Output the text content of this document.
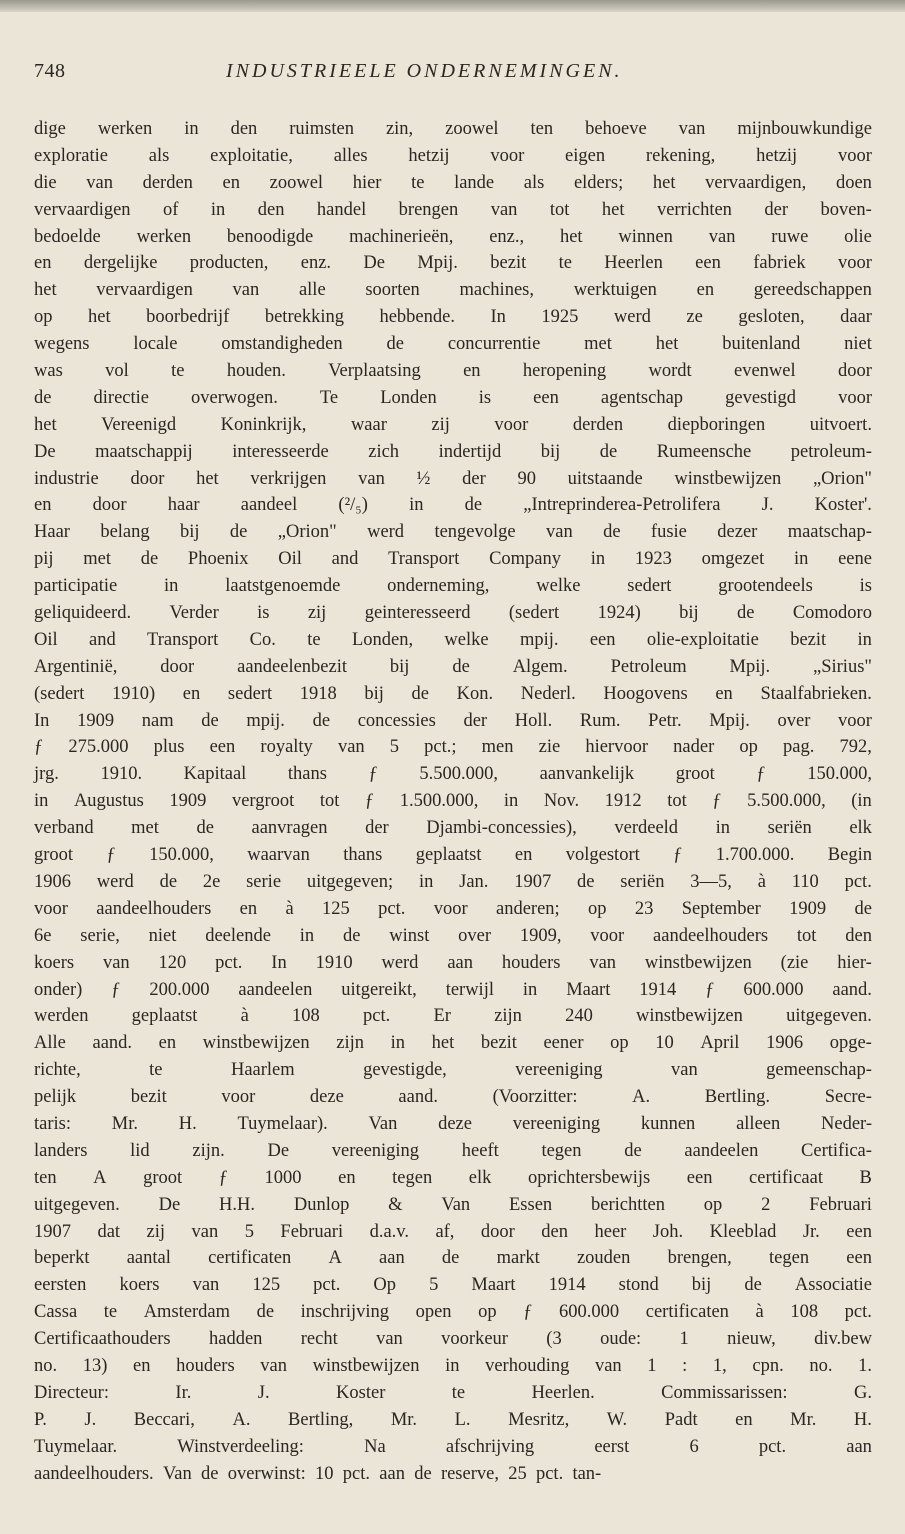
748	INDUSTRIEELE ONDERNEMINGEN.
dige werken in den ruimsten zin, zoowel ten behoeve van mijnbouwkundige
exploratie als exploitatie, alles hetzij voor eigen rekening, hetzij voor
die van derden en zoowel hier te lande als elders; het vervaardigen, doen
vervaardigen of in den handel brengen van tot het verrichten der boven-
bedoelde werken benoodigde machinerieën, enz., het winnen van ruwe olie
en dergelijke producten, enz. De Mpij. bezit te Heerlen een fabriek voor
het vervaardigen van alle soorten machines, werktuigen en gereedschappen
op het boorbedrijf betrekking hebbende. In 1925 werd ze gesloten, daar
wegens locale omstandigheden de concurrentie met het buitenland niet
was vol te houden. Verplaatsing en heropening wordt evenwel door
de directie overwogen. Te Londen is een agentschap gevestigd voor
het Vereenigd Koninkrijk, waar zij voor derden diepboringen uitvoert.
De maatschappij interesseerde zich indertijd bij de Rumeensche petroleum-
industrie door het verkrijgen van ½ der 90 uitstaande winstbewijzen „Orion"
en door haar aandeel (²/₅) in de „Intreprinderea-Petrolifera J. Koster'.
Haar belang bij de „Orion" werd tengevolge van de fusie dezer maatschap-
pij met de Phoenix Oil and Transport Company in 1923 omgezet in eene
participatie	in	laatstgenoemde	onderneming,	welke	sedert	grootendeels	is
geliquideerd. Verder is zij geinteresseerd (sedert 1924) bij de Comodoro
Oil and Transport Co. te Londen, welke mpij. een olie-exploitatie bezit in
Argentinië, door aandeelenbezit bij de Algem. Petroleum Mpij. „Sirius"
(sedert 1910) en sedert 1918 bij de Kon. Nederl. Hoogovens en Staalfabrieken.
In 1909 nam de mpij. de concessies der Holl. Rum. Petr. Mpij. over voor
ƒ 275.000 plus een royalty van 5 pct.; men zie hiervoor nader op pag. 792,
jrg. 1910. Kapitaal thans ƒ 5.500.000, aanvankelijk groot ƒ 150.000,
in Augustus 1909 vergroot tot ƒ 1.500.000, in Nov. 1912 tot ƒ 5.500.000, (in
verband met de aanvragen der Djambi-concessies), verdeeld in seriën elk
groot ƒ 150.000, waarvan thans geplaatst en volgestort ƒ 1.700.000. Begin
1906 werd de 2e serie uitgegeven; in Jan. 1907 de seriën 3—5, à 110 pct.
voor aandeelhouders en à 125 pct. voor anderen; op 23 September 1909 de
6e serie, niet deelende in de winst over 1909, voor aandeelhouders tot den
koers van 120 pct. In 1910 werd aan houders van winstbewijzen (zie hier-
onder) ƒ 200.000 aandeelen uitgereikt, terwijl in Maart 1914 ƒ 600.000 aand.
werden geplaatst à 108 pct. Er zijn 240 winstbewijzen uitgegeven.
Alle aand. en winstbewijzen zijn in het bezit eener op 10 April 1906 opge-
richte,	te	Haarlem	gevestigde,	vereeniging	van	gemeenschap-
pelijk	bezit	voor	deze	aand.	(Voorzitter:	A.	Bertling.	Secre-
taris: Mr. H. Tuymelaar). Van deze vereeniging kunnen alleen Neder-
landers lid zijn. De vereeniging heeft tegen de aandeelen Certifica-
ten A groot ƒ 1000 en tegen elk oprichtersbewijs een certificaat B
uitgegeven. De H.H. Dunlop & Van Essen berichtten op 2 Februari
1907 dat zij van 5 Februari d.a.v. af, door den heer Joh. Kleeblad Jr. een
beperkt aantal certificaten A aan de markt zouden brengen, tegen een
eersten koers van 125 pct. Op 5 Maart 1914 stond bij de Associatie
Cassa te Amsterdam de inschrijving open op ƒ 600.000 certificaten à 108 pct.
Certificaathouders hadden recht van voorkeur (3 oude: 1 nieuw, div.bew
no. 13) en houders van winstbewijzen in verhouding van 1 : 1, cpn. no. 1.
Directeur:	Ir.	J.	Koster	te	Heerlen.	Commissarissen:	G.
P. J. Beccari, A. Bertling, Mr. L. Mesritz, W. Padt en Mr. H.
Tuymelaar.	Winstverdeeling:	Na	afschrijving	eerst	6	pct.	aan
aandeelhouders. Van de overwinst: 10 pct. aan de reserve, 25 pct. tan-
